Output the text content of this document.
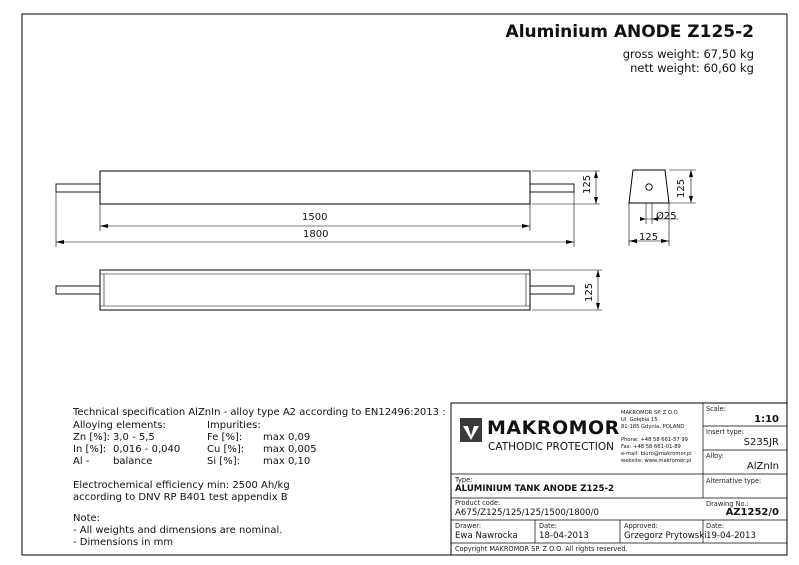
Aluminium ANODE Z125-2
gross weight: 67,50 kg
nett weight: 60,60 kg
1500
1800
125
125
125
Ø25
125
Technical specification AlZnIn - alloy type A2 according to EN12496:2013 :
Alloying elements:	Impurities:
Zn [%]: 3,0 - 5,5
In [%]: 0,016 - 0,040
Al - balance
Fe [%]: max 0,09
Cu [%]: max 0,005
Si [%]: max 0,10
Electrochemical efficiency min: 2500 Ah/kg
according to DNV RP B401 test appendix B
Note:
- All weights and dimensions are nominal.
- Dimensions in mm
MAKROMOR
CATHODIC PROTECTION
MAKROMOR SP. Z O.O.
Ul. Gołębia 15
81-185 Gdynia, POLAND
Phone: +48 58 661-57 99
Fax: +48 58 661-01-89
e-mail: biuro@makromor.pl
website: www.makromor.pl
Scale:
1:10
Insert type:
S235JR
Alloy:
AlZnIn
Alternative type:
Type:
ALUMINIUM TANK ANODE Z125-2
Product code:
A675/Z125/125/125/1500/1800/0
Drawing No.:
AZ1252/0
Drawer:
Ewa Nawrocka
Date:
18-04-2013
Approved:
Grzegorz Prytowski
Date:
19-04-2013
Copyright MAKROMOR SP. Z O.O. All rights reserved.
